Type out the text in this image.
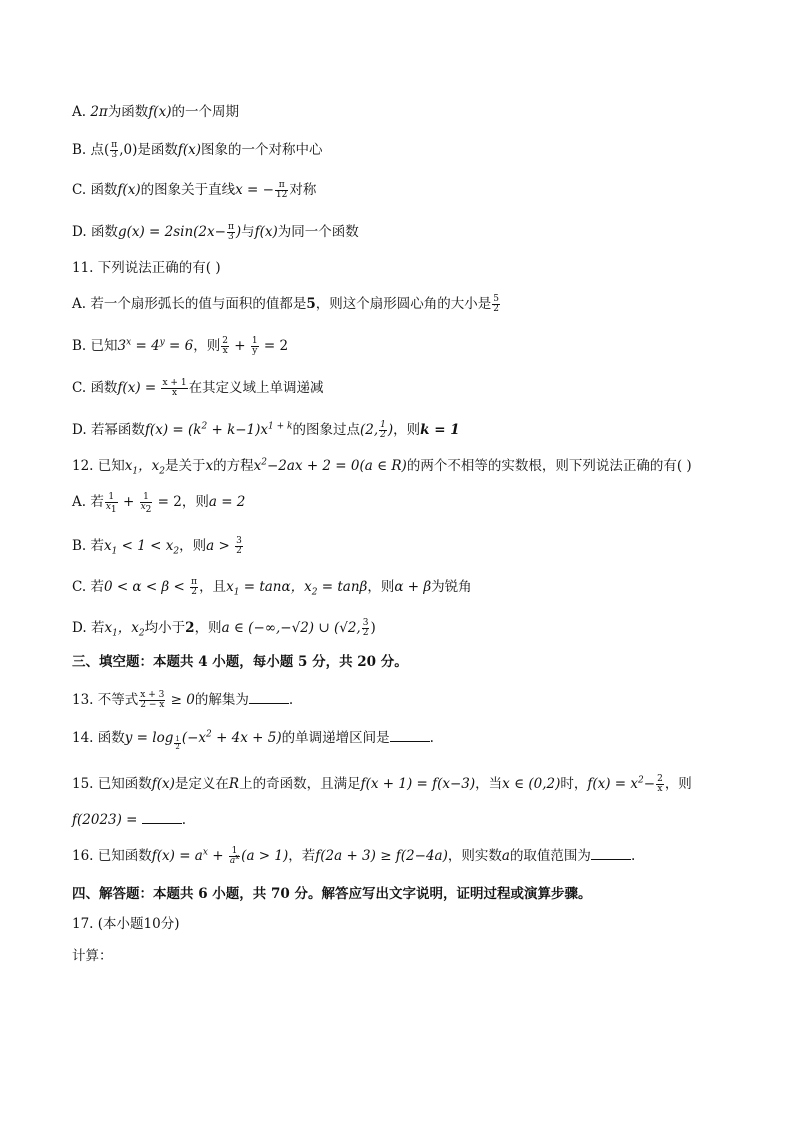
A. 2π为函数f(x)的一个周期
B. 点( $\frac{\pi}{3} ,0$)是函数f(x)图象的一个对称中心
C. 函数f(x)的图象关于直线x = − $\frac{\pi}{12}$ 对称
D. 函数$g(x) = 2\sin(2x- \frac{\pi}{3}$ )与f(x)为同一个函数
11. 下列说法正确的有( )
A. 若一个扇形弧长的值与面积的值都是5，则这个扇形圆心角的大小是 $\frac{5}{2}$
B. 已知$3^x = 4^y = 6$，则 $\frac{2}{x} + \frac{1}{y} = 2$
C. 函数$f(x) = \frac{x + 1}{x}$ 在其定义域上单调递减
D. 若幂函数$f(x) = (k^2 + k-1)x^{1 + k}$的图象过点(2, $\frac{1}{2}$ )，则k = 1
12. 已知$x_1$，$x_2$是关于x的方程$x^2-2ax + 2 = 0(a$ ∈ R)的两个不相等的实数根，则下列说法正确的有( )
A. 若 $\frac{1}{x_1} + \frac{1}{x_2} = 2$，则a = 2
B. 若$x_1 < 1 < x_2$，则$a > \frac{3}{2}$
C. 若$0 < \alpha < \beta < \frac{\pi}{2}$ ，且$x_1 = \tan\alpha$，$x_2 = \tan\beta$，则α + β为锐角
D. 若$x_1$，$x_2$均小于2，则a ∈ (−∞,−√2) ∪ (√2, $\frac{3}{2}$ )
三、填空题：本题共 4 小题，每小题 5 分，共 20 分。
13. 不等式 $\frac{x + 3}{2 - x} \ge 0$的解集为	.
14. 函数y = log $_{\frac{1}{2}}$ $(-x^2 + 4x + 5)$的单调递增区间是	.
15. 已知函数f(x)是定义在R上的奇函数，且满足f(x + 1) = f(x−3)，当x ∈ (0,2)时，$f(x) = x^2- \frac{2}{x}$ ，则
f(2023) =	.
16. 已知函数$f(x) = a^x + \frac{1}{a^x} (a > 1)$，若f(2a + 3) ≥ f(2−4a)，则实数a的取值范围为	.
四、解答题：本题共 6 小题，共 70 分。解答应写出文字说明，证明过程或演算步骤。
17. (本小题10分)
计算：
